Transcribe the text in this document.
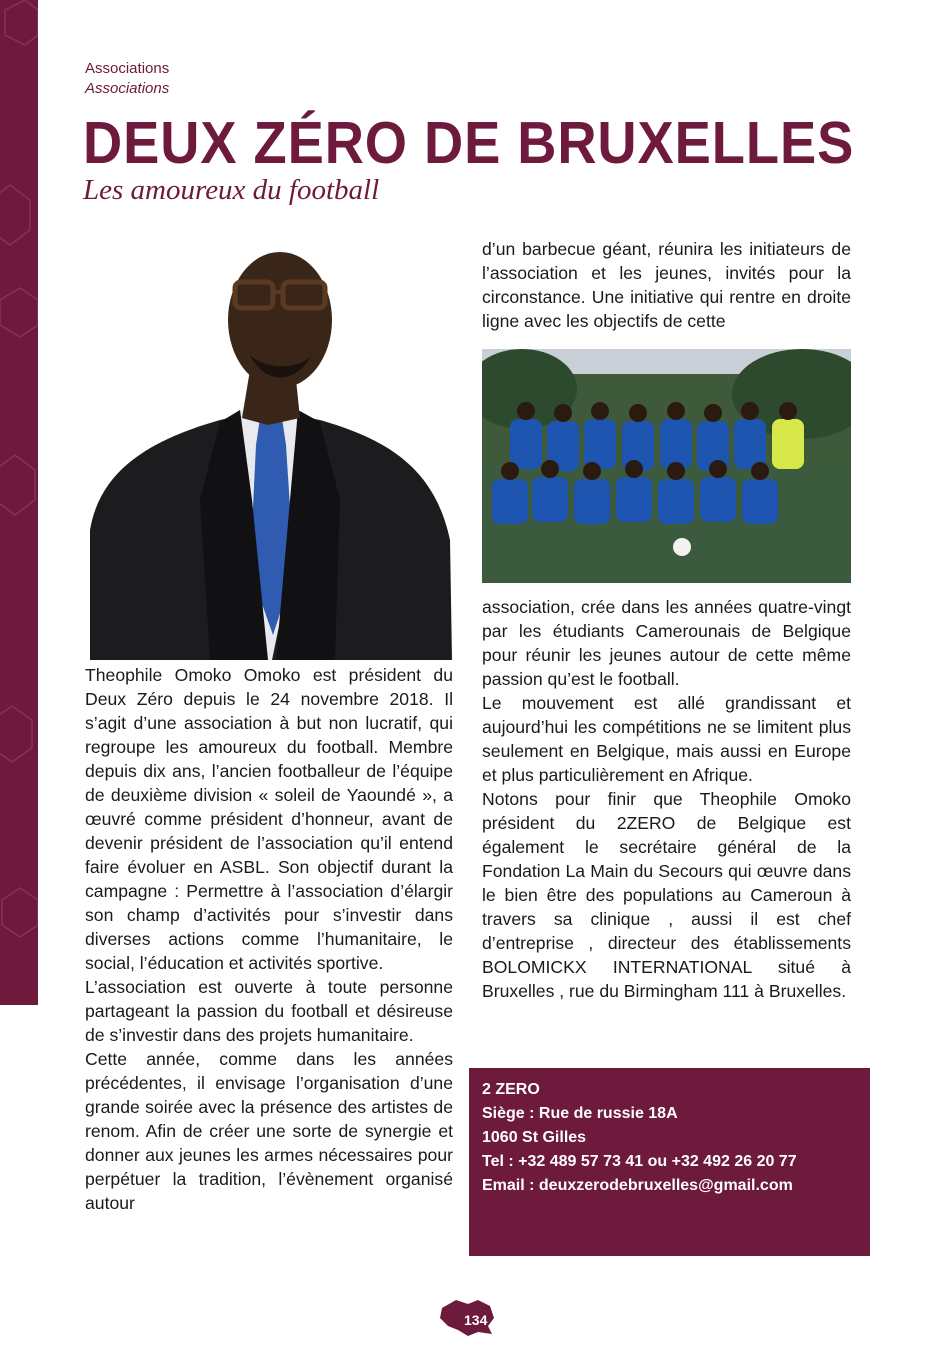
Associations
Associations
DEUX ZÉRO DE BRUXELLES
Les amoureux du football

Theophile Omoko Omoko est président du Deux Zéro depuis le 24 novembre 2018. Il s’agit d’une association à but non lucratif, qui regroupe les amoureux du football. Membre depuis dix ans, l’ancien footballeur de l’équipe de deuxième division « soleil de Yaoundé », a œuvré comme président d’honneur, avant de devenir président de l’association qu’il entend faire évoluer en ASBL. Son objectif durant la campagne : Permettre à l’association d’élargir son champ d’activités pour s’investir dans diverses actions comme l’humanitaire, le social, l’éducation et activités sportive.

L’association est ouverte à toute personne partageant la passion du football et désireuse de s’investir dans des projets humanitaire.

Cette année, comme dans les années précédentes, il envisage l’organisation d’une grande soirée avec la présence des artistes de renom. Afin de créer une sorte de synergie et donner aux jeunes les armes nécessaires pour perpétuer la tradition, l’évènement organisé autour

d’un barbecue géant, réunira les initiateurs de l’association et les jeunes, invités pour la circonstance. Une initiative qui rentre en droite ligne avec les objectifs de cette

association, crée dans les années quatre-vingt par les étudiants Camerounais de Belgique pour réunir les jeunes autour de cette même passion qu’est le football.

Le mouvement est allé grandissant et aujourd’hui les compétitions ne se limitent plus seulement en Belgique, mais aussi en Europe et plus particulièrement en Afrique.

Notons pour finir que Theophile Omoko président du 2ZERO de Belgique est également le secrétaire général de la Fondation La Main du Secours qui œuvre dans le bien être des populations au Cameroun à travers sa clinique , aussi il est chef d’entreprise , directeur des établissements BOLOMICKX INTERNATIONAL situé à Bruxelles , rue du Birmingham 111 à Bruxelles.

2 ZERO
Siège : Rue de russie 18A
1060 St Gilles
Tel : +32 489 57 73 41 ou +32 492 26 20 77
Email : deuxzerodebruxelles@gmail.com
134
